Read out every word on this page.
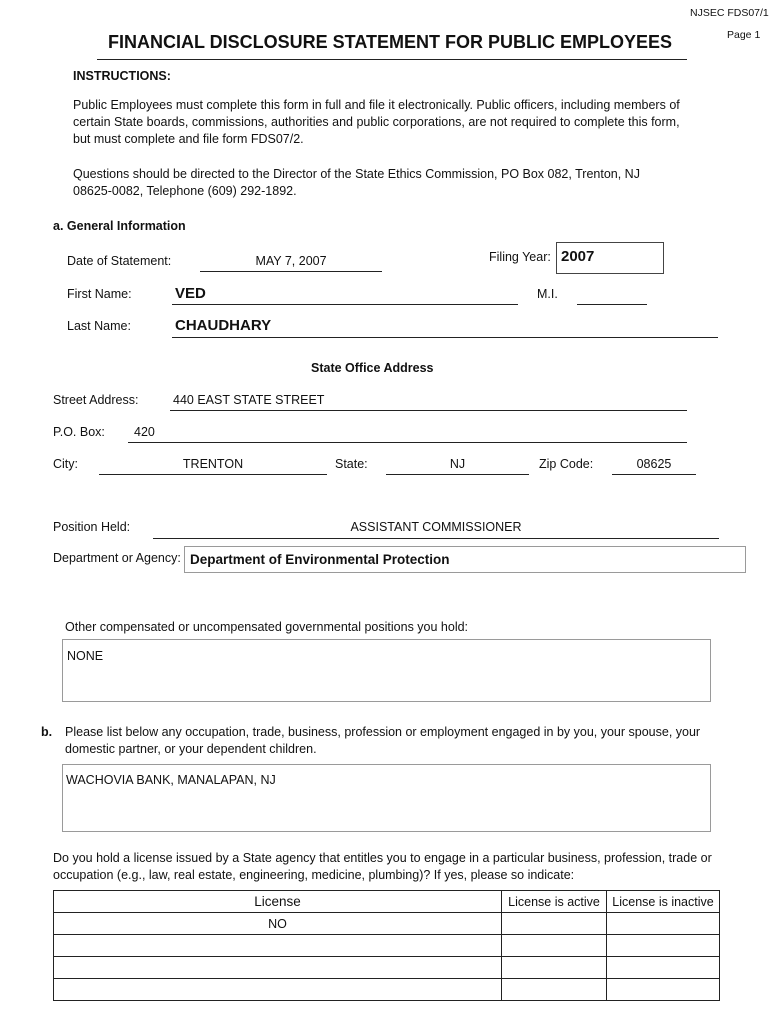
NJSEC FDS07/1
Page 1
FINANCIAL DISCLOSURE STATEMENT FOR PUBLIC EMPLOYEES
INSTRUCTIONS:
Public Employees must complete this form in full and file it electronically. Public officers, including members of certain State boards, commissions, authorities and public corporations, are not required to complete this form, but must complete and file form FDS07/2.
Questions should be directed to the Director of the State Ethics Commission, PO Box 082, Trenton, NJ 08625-0082, Telephone (609) 292-1892.
a. General Information
Date of Statement:	MAY 7, 2007	Filing Year: 2007
First Name:	VED	M.I.
Last Name:	CHAUDHARY
State Office Address
Street Address:	440 EAST STATE STREET
P.O. Box: 420
City:	TRENTON	State:	NJ	Zip Code:	08625
Position Held:	ASSISTANT COMMISSIONER
Department or Agency: Department of Environmental Protection
Other compensated or uncompensated governmental positions you hold:
NONE
b. Please list below any occupation, trade, business, profession or employment engaged in by you, your spouse, your domestic partner, or your dependent children.
WACHOVIA BANK, MANALAPAN, NJ
Do you hold a license issued by a State agency that entitles you to engage in a particular business, profession, trade or occupation (e.g., law, real estate, engineering, medicine, plumbing)? If yes, please so indicate:
License	License is active	License is inactive
NO		
